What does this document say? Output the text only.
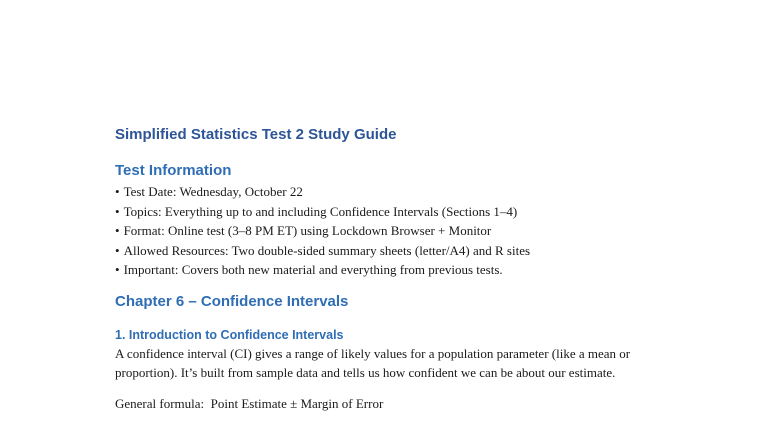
Simplified Statistics Test 2 Study Guide
Test Information
• Test Date: Wednesday, October 22
• Topics: Everything up to and including Confidence Intervals (Sections 1–4)
• Format: Online test (3–8 PM ET) using Lockdown Browser + Monitor
• Allowed Resources: Two double-sided summary sheets (letter/A4) and R sites
• Important: Covers both new material and everything from previous tests.
Chapter 6 – Confidence Intervals
1. Introduction to Confidence Intervals

A confidence interval (CI) gives a range of likely values for a population parameter (like a mean or proportion). It’s built from sample data and tells us how confident we can be about our estimate.

General formula:  Point Estimate ± Margin of Error
